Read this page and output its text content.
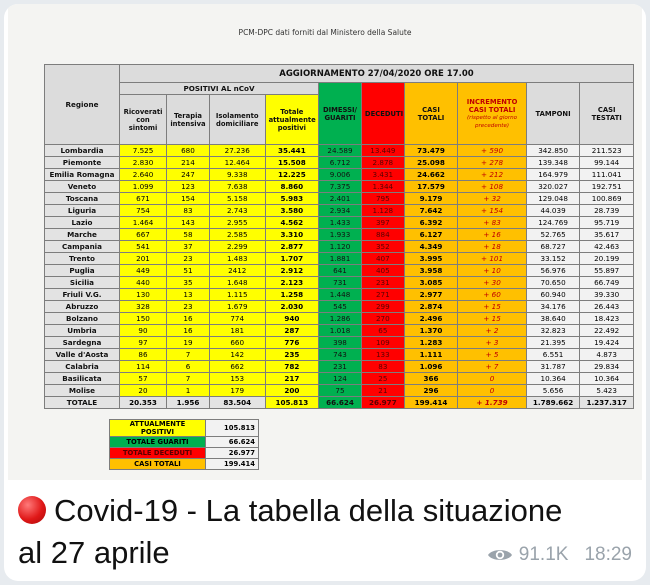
PCM-DPC dati forniti dal Ministero della Salute
Regione	AGGIORNAMENTO 27/04/2020 ORE 17.00									
	POSITIVI AL nCoV				DIMESSI/ GUARITI	DECEDUTI	CASI TOTALI	INCREMENTO CASI TOTALI
(rispetto al giorno precedente)	TAMPONI	CASI TESTATI
	Ricoverati con sintomi	Terapia intensiva	Isolamento domiciliare	Totale attualmente positivi						
Lombardia	7.525	680	27.236	35.441	24.589	13.449	73.479	+ 590	342.850	211.523
Piemonte	2.830	214	12.464	15.508	6.712	2.878	25.098	+ 278	139.348	99.144
Emilia Romagna	2.640	247	9.338	12.225	9.006	3.431	24.662	+ 212	164.979	111.041
Veneto	1.099	123	7.638	8.860	7.375	1.344	17.579	+ 108	320.027	192.751
Toscana	671	154	5.158	5.983	2.401	795	9.179	+ 32	129.048	100.869
Liguria	754	83	2.743	3.580	2.934	1.128	7.642	+ 154	44.039	28.739
Lazio	1.464	143	2.955	4.562	1.433	397	6.392	+ 83	124.769	95.719
Marche	667	58	2.585	3.310	1.933	884	6.127	+ 16	52.765	35.617
Campania	541	37	2.299	2.877	1.120	352	4.349	+ 18	68.727	42.463
Trento	201	23	1.483	1.707	1.881	407	3.995	+ 101	33.152	20.199
Puglia	449	51	2412	2.912	641	405	3.958	+ 10	56.976	55.897
Sicilia	440	35	1.648	2.123	731	231	3.085	+ 30	70.650	66.749
Friuli V.G.	130	13	1.115	1.258	1.448	271	2.977	+ 60	60.940	39.330
Abruzzo	328	23	1.679	2.030	545	299	2.874	+ 15	34.176	26.443
Bolzano	150	16	774	940	1.286	270	2.496	+ 15	38.640	18.423
Umbria	90	16	181	287	1.018	65	1.370	+ 2	32.823	22.492
Sardegna	97	19	660	776	398	109	1.283	+ 3	21.395	19.424
Valle d'Aosta	86	7	142	235	743	133	1.111	+ 5	6.551	4.873
Calabria	114	6	662	782	231	83	1.096	+ 7	31.787	29.834
Basilicata	57	7	153	217	124	25	366	0	10.364	10.364
Molise	20	1	179	200	75	21	296	0	5.656	5.423
TOTALE	20.353	1.956	83.504	105.813	66.624	26.977	199.414	+ 1.739	1.789.662	1.237.317
ATTUALMENTE POSITIVI	105.813
TOTALE GUARITI	66.624
TOTALE DECEDUTI	26.977
CASI TOTALI	199.414
Covid-19 - La tabella della situazione
al 27 aprile	91.1K 18:29
